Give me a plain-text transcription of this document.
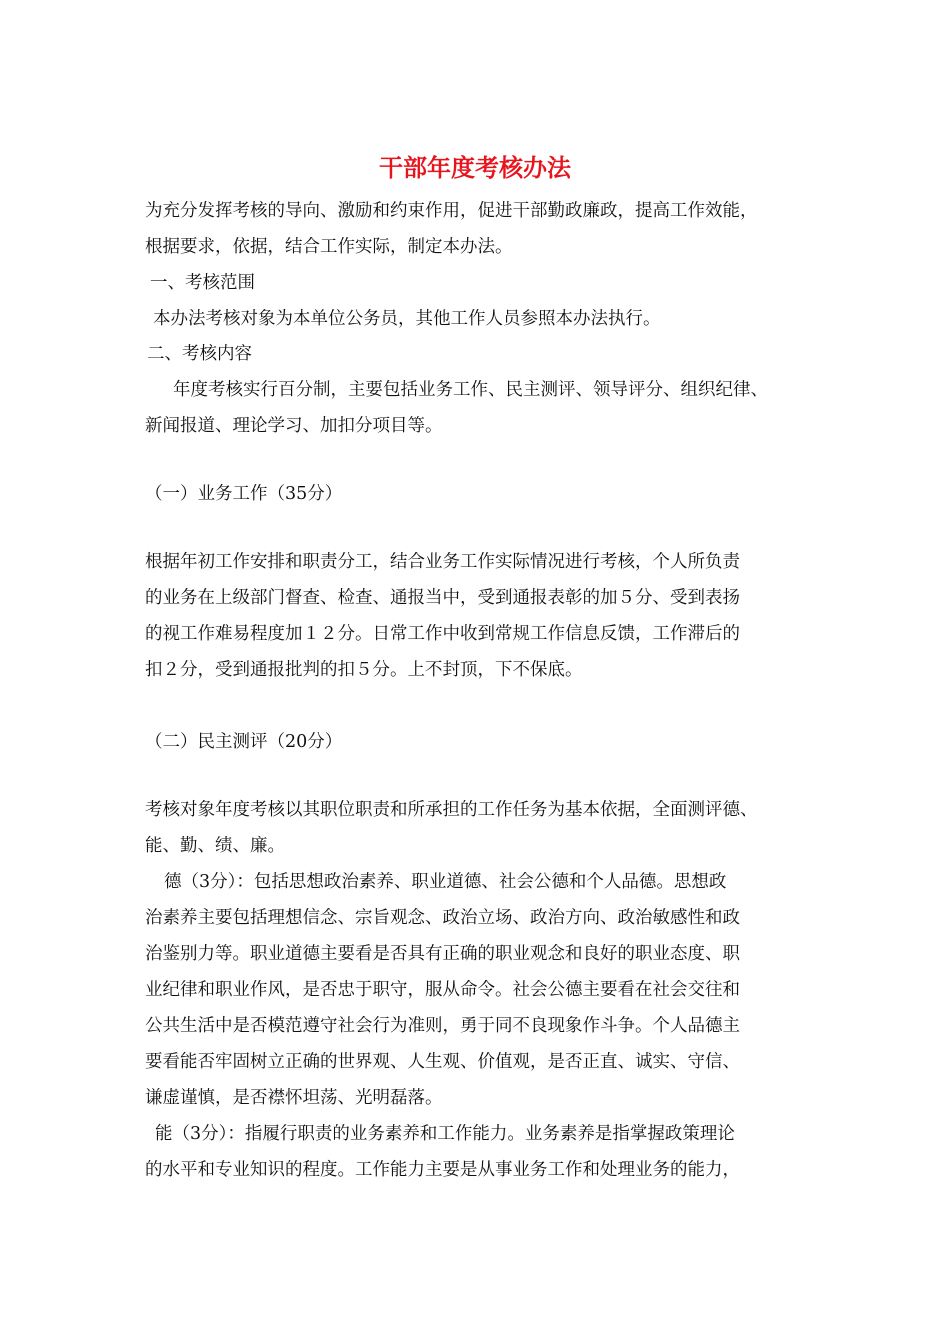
干部年度考核办法
为充分发挥考核的导向、激励和约束作用，促进干部勤政廉政，提高工作效能，
根据要求，依据，结合工作实际，制定本办法。
一、考核范围
本办法考核对象为本单位公务员，其他工作人员参照本办法执行。
二、考核内容
年度考核实行百分制，主要包括业务工作、民主测评、领导评分、组织纪律、
新闻报道、理论学习、加扣分项目等。
（一）业务工作（35分）
根据年初工作安排和职责分工，结合业务工作实际情况进行考核，个人所负责
的业务在上级部门督查、检查、通报当中，受到通报表彰的加５分、受到表扬
的视工作难易程度加１２分。日常工作中收到常规工作信息反馈，工作滞后的
扣２分，受到通报批判的扣５分。上不封顶，下不保底。
（二）民主测评（20分）
考核对象年度考核以其职位职责和所承担的工作任务为基本依据，全面测评德、
能、勤、绩、廉。
德（3分）：包括思想政治素养、职业道德、社会公德和个人品德。思想政
治素养主要包括理想信念、宗旨观念、政治立场、政治方向、政治敏感性和政
治鉴别力等。职业道德主要看是否具有正确的职业观念和良好的职业态度、职
业纪律和职业作风，是否忠于职守，服从命令。社会公德主要看在社会交往和
公共生活中是否模范遵守社会行为准则，勇于同不良现象作斗争。个人品德主
要看能否牢固树立正确的世界观、人生观、价值观，是否正直、诚实、守信、
谦虚谨慎，是否襟怀坦荡、光明磊落。
能（3分）：指履行职责的业务素养和工作能力。业务素养是指掌握政策理论
的水平和专业知识的程度。工作能力主要是从事业务工作和处理业务的能力，
